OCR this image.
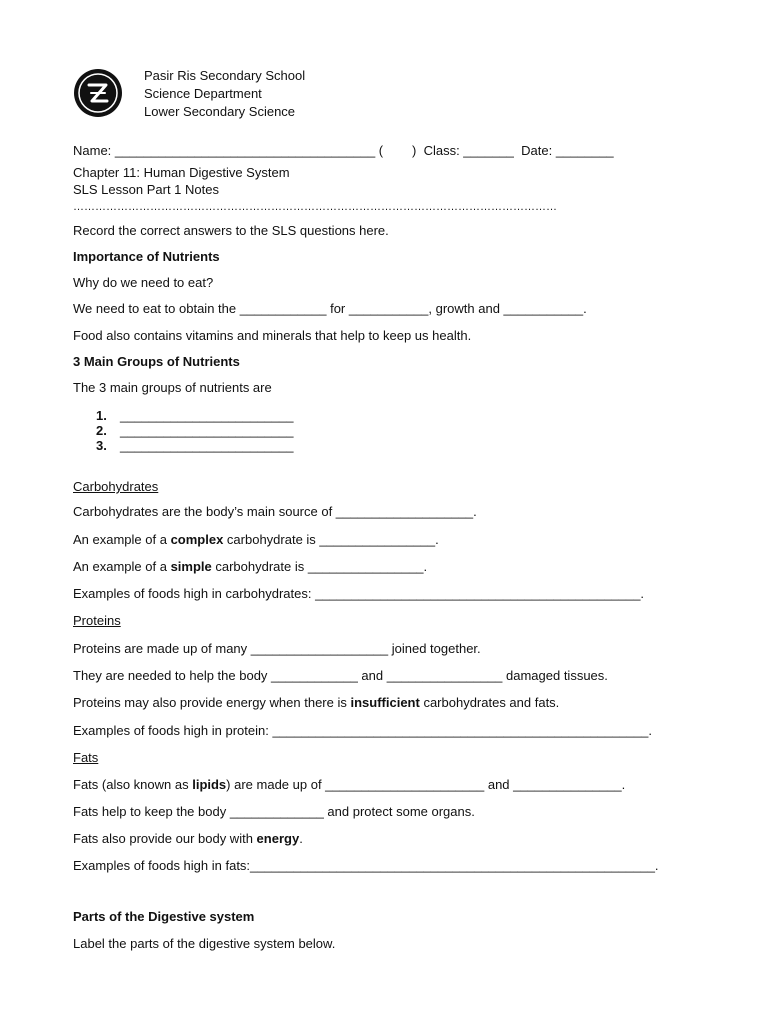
Pasir Ris Secondary School
Science Department
Lower Secondary Science
Name: ____________________________________ (        )  Class: _______  Date: ________
Chapter 11: Human Digestive System
SLS Lesson Part 1 Notes
……………………………………………………………………………………………………………………
Record the correct answers to the SLS questions here.
Importance of Nutrients
Why do we need to eat?
We need to eat to obtain the ____________ for ___________, growth and ___________.
Food also contains vitamins and minerals that help to keep us health.
3 Main Groups of Nutrients
The 3 main groups of nutrients are
1. ________________________
2. ________________________
3. ________________________
Carbohydrates
Carbohydrates are the body’s main source of ___________________.
An example of a complex carbohydrate is ________________.
An example of a simple carbohydrate is ________________.
Examples of foods high in carbohydrates: _____________________________________________.
Proteins
Proteins are made up of many ___________________ joined together.
They are needed to help the body ____________ and ________________ damaged tissues.
Proteins may also provide energy when there is insufficient carbohydrates and fats.
Examples of foods high in protein: ____________________________________________________.
Fats
Fats (also known as lipids) are made up of ______________________ and _______________.
Fats help to keep the body _____________ and protect some organs.
Fats also provide our body with energy.
Examples of foods high in fats:________________________________________________________.
Parts of the Digestive system
Label the parts of the digestive system below.
